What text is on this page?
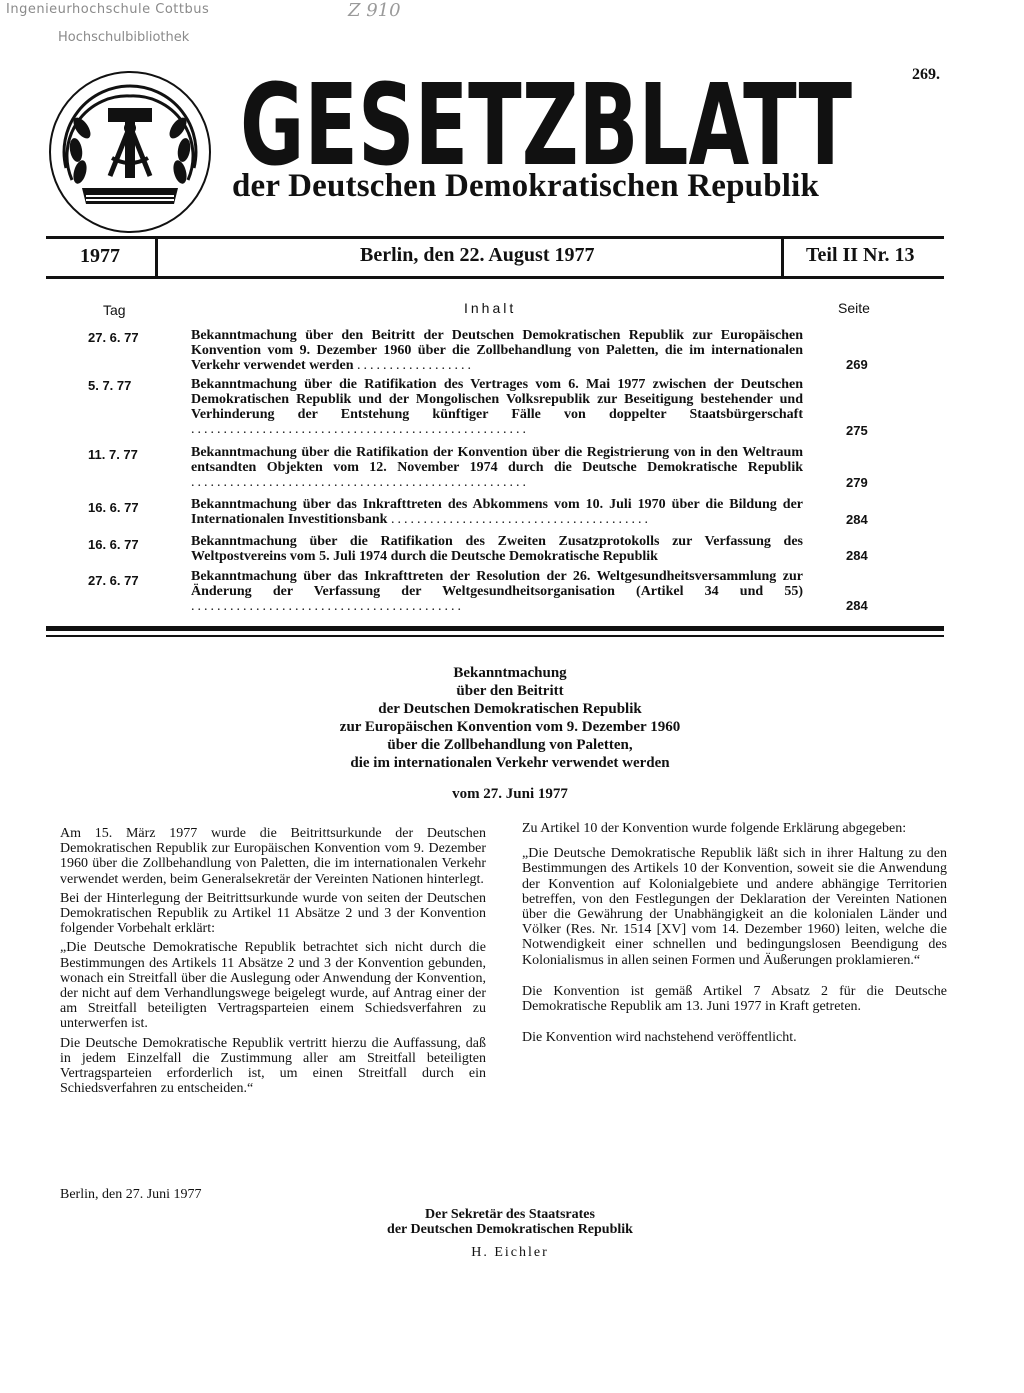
Ingenieurhochschule Cottbus
Hochschulbibliothek
Z 910
GESETZBLATT
der Deutschen Demokratischen Republik
269.
1977	Berlin, den 22. August 1977	Teil II Nr. 13
Tag	Inhalt	Seite
27. 6. 77	Bekanntmachung über den Beitritt der Deutschen Demokratischen Republik zur Europäischen Konvention vom 9. Dezember 1960 über die Zollbehandlung von Paletten, die im internationalen Verkehr verwendet werden ..................	269
5. 7. 77	Bekanntmachung über die Ratifikation des Vertrages vom 6. Mai 1977 zwischen der Deutschen Demokratischen Republik und der Mongolischen Volksrepublik zur Beseitigung bestehender und Verhinderung der Entstehung künftiger Fälle von doppelter Staatsbürgerschaft ....................................................	275
11. 7. 77	Bekanntmachung über die Ratifikation der Konvention über die Registrierung von in den Weltraum entsandten Objekten vom 12. November 1974 durch die Deutsche Demokratische Republik ....................................................	279
16. 6. 77	Bekanntmachung über das Inkrafttreten des Abkommens vom 10. Juli 1970 über die Bildung der Internationalen Investitionsbank ........................................	284
16. 6. 77	Bekanntmachung über die Ratifikation des Zweiten Zusatzprotokolls zur Verfassung des Weltpostvereins vom 5. Juli 1974 durch die Deutsche Demokratische Republik	284
27. 6. 77	Bekanntmachung über das Inkrafttreten der Resolution der 26. Weltgesundheitsversammlung zur Änderung der Verfassung der Weltgesundheitsorganisation (Artikel 34 und 55) ..........................................	284
Bekanntmachung
über den Beitritt
der Deutschen Demokratischen Republik
zur Europäischen Konvention vom 9. Dezember 1960
über die Zollbehandlung von Paletten,
die im internationalen Verkehr verwendet werden
vom 27. Juni 1977

Am 15. März 1977 wurde die Beitrittsurkunde der Deutschen Demokratischen Republik zur Europäischen Konvention vom 9. Dezember 1960 über die Zollbehandlung von Paletten, die im internationalen Verkehr verwendet werden, beim Generalsekretär der Vereinten Nationen hinterlegt.

Bei der Hinterlegung der Beitrittsurkunde wurde von seiten der Deutschen Demokratischen Republik zu Artikel 11 Absätze 2 und 3 der Konvention folgender Vorbehalt erklärt:

„Die Deutsche Demokratische Republik betrachtet sich nicht durch die Bestimmungen des Artikels 11 Absätze 2 und 3 der Konvention gebunden, wonach ein Streitfall über die Auslegung oder Anwendung der Konvention, der nicht auf dem Verhandlungswege beigelegt wurde, auf Antrag einer der am Streitfall beteiligten Vertragsparteien einem Schiedsverfahren zu unterwerfen ist.

Die Deutsche Demokratische Republik vertritt hierzu die Auffassung, daß in jedem Einzelfall die Zustimmung aller am Streitfall beteiligten Vertragsparteien erforderlich ist, um einen Streitfall durch ein Schiedsverfahren zu entscheiden.“

Zu Artikel 10 der Konvention wurde folgende Erklärung abgegeben:

„Die Deutsche Demokratische Republik läßt sich in ihrer Haltung zu den Bestimmungen des Artikels 10 der Konvention, soweit sie die Anwendung der Konvention auf Kolonialgebiete und andere abhängige Territorien betreffen, von den Festlegungen der Deklaration der Vereinten Nationen über die Gewährung der Unabhängigkeit an die kolonialen Länder und Völker (Res. Nr. 1514 [XV] vom 14. Dezember 1960) leiten, welche die Notwendigkeit einer schnellen und bedingungslosen Beendigung des Kolonialismus in allen seinen Formen und Äußerungen proklamieren.“

Die Konvention ist gemäß Artikel 7 Absatz 2 für die Deutsche Demokratische Republik am 13. Juni 1977 in Kraft getreten.

Die Konvention wird nachstehend veröffentlicht.

Berlin, den 27. Juni 1977
Der Sekretär des Staatsrates
der Deutschen Demokratischen Republik
H. Eichler
